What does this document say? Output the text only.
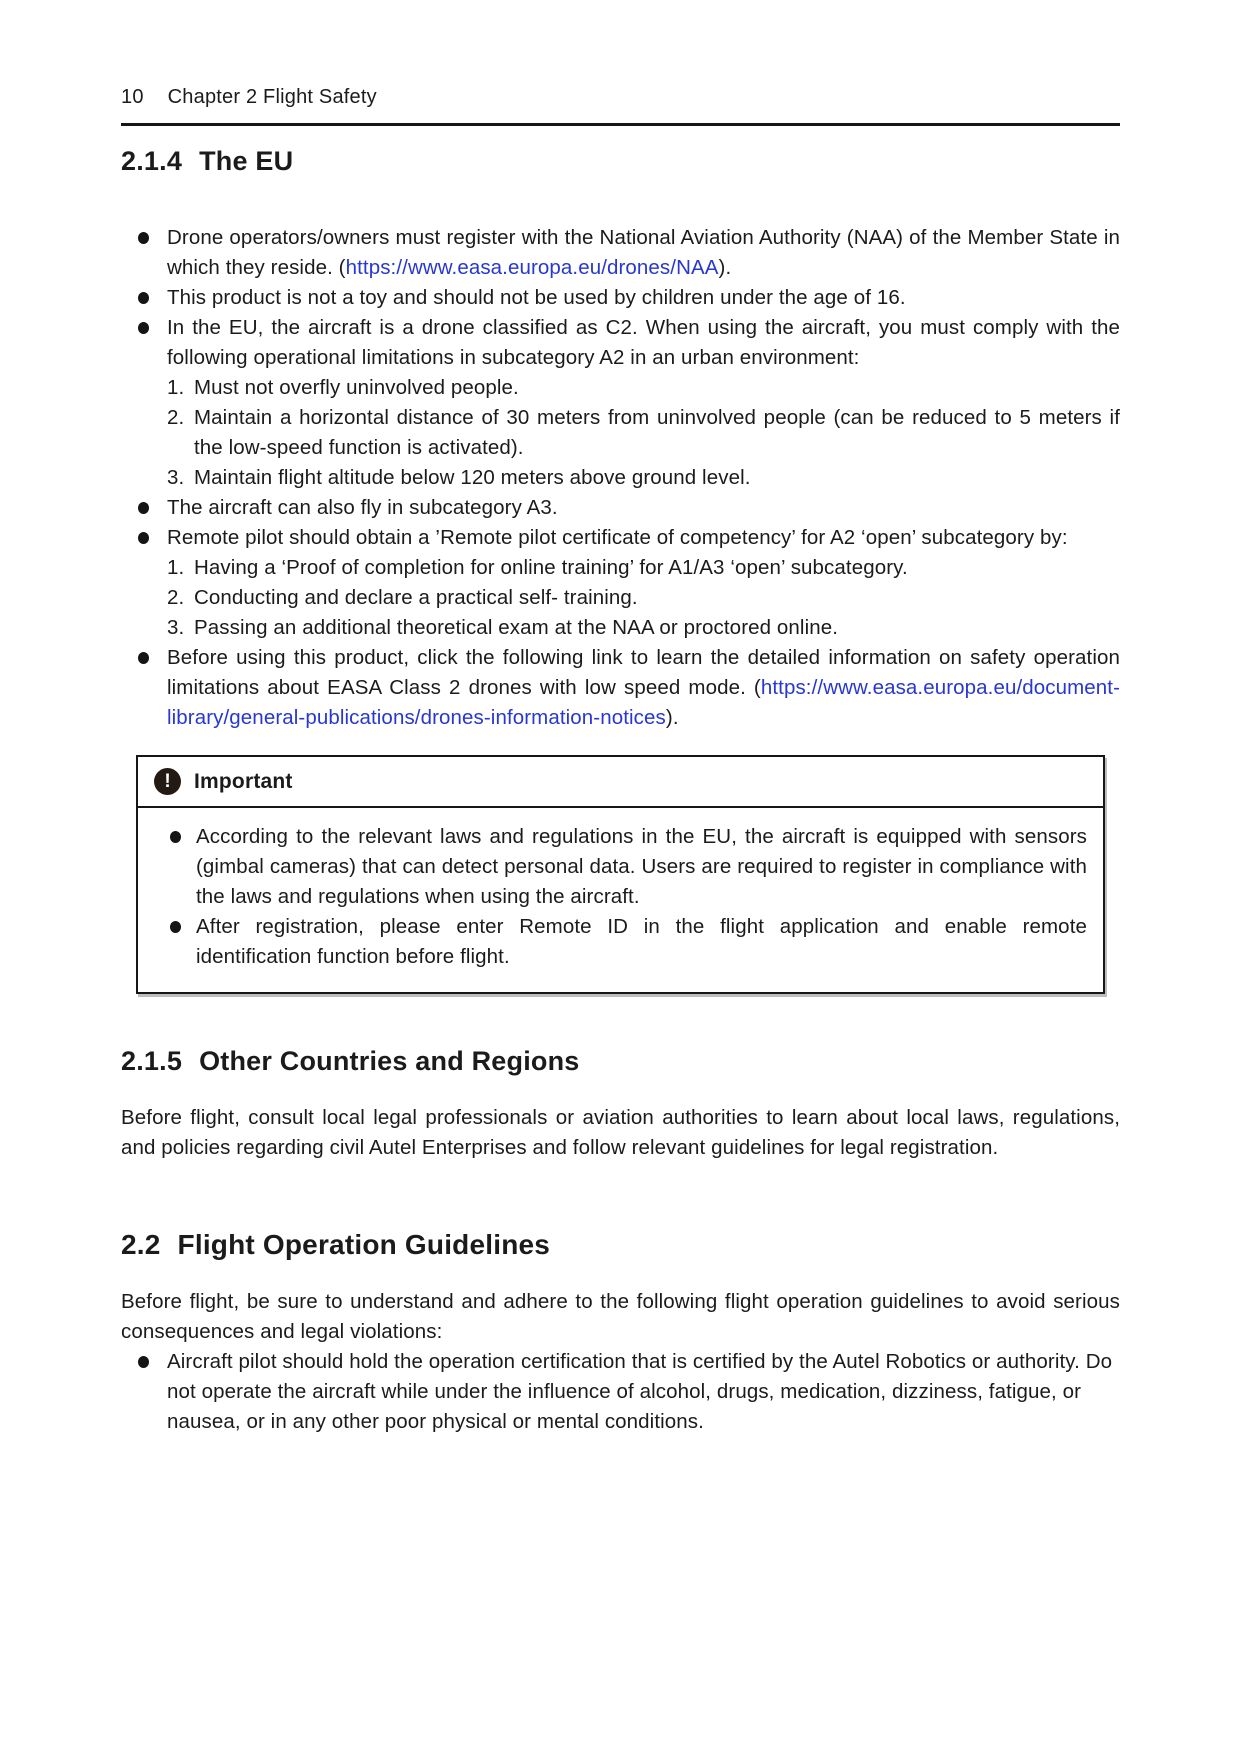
10 Chapter 2 Flight Safety
2.1.4 The EU
Drone operators/owners must register with the National Aviation Authority (NAA) of the Member State in which they reside. (https://www.easa.europa.eu/drones/NAA).
This product is not a toy and should not be used by children under the age of 16.
In the EU, the aircraft is a drone classified as C2. When using the aircraft, you must comply with the following operational limitations in subcategory A2 in an urban environment:
1. Must not overfly uninvolved people.
2. Maintain a horizontal distance of 30 meters from uninvolved people (can be reduced to 5 meters if the low-speed function is activated).
3. Maintain flight altitude below 120 meters above ground level.
The aircraft can also fly in subcategory A3.
Remote pilot should obtain a ’Remote pilot certificate of competency’ for A2 ‘open’ subcategory by:
1. Having a ‘Proof of completion for online training’ for A1/A3 ‘open’ subcategory.
2. Conducting and declare a practical self- training.
3. Passing an additional theoretical exam at the NAA or proctored online.
Before using this product, click the following link to learn the detailed information on safety operation limitations about EASA Class 2 drones with low speed mode. (https://www.easa.europa.eu/document-library/general-publications/drones-information-notices).
!	Important
According to the relevant laws and regulations in the EU, the aircraft is equipped with sensors (gimbal cameras) that can detect personal data. Users are required to register in compliance with the laws and regulations when using the aircraft.
After registration, please enter Remote ID in the flight application and enable remote identification function before flight.
2.1.5 Other Countries and Regions
Before flight, consult local legal professionals or aviation authorities to learn about local laws, regulations, and policies regarding civil Autel Enterprises and follow relevant guidelines for legal registration.
2.2 Flight Operation Guidelines
Before flight, be sure to understand and adhere to the following flight operation guidelines to avoid serious consequences and legal violations:
Aircraft pilot should hold the operation certification that is certified by the Autel Robotics or authority. Do not operate the aircraft while under the influence of alcohol, drugs, medication, dizziness, fatigue, or nausea, or in any other poor physical or mental conditions.
